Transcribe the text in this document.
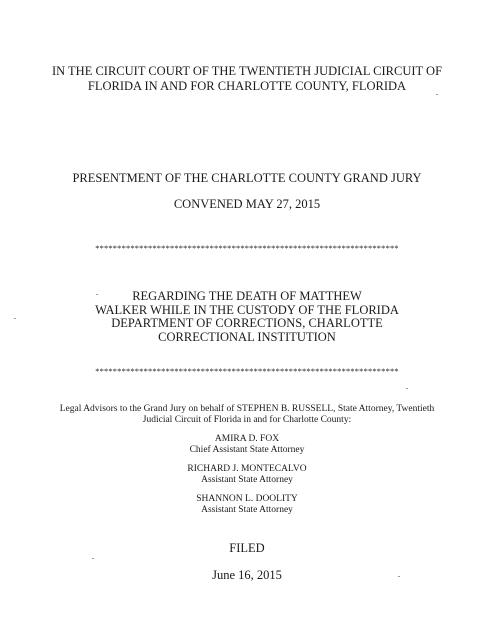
IN THE CIRCUIT COURT OF THE TWENTIETH JUDICIAL CIRCUIT OF
FLORIDA IN AND FOR CHARLOTTE COUNTY, FLORIDA
PRESENTMENT OF THE CHARLOTTE COUNTY GRAND JURY
CONVENED MAY 27, 2015
*********************************************************************
REGARDING THE DEATH OF MATTHEW
WALKER WHILE IN THE CUSTODY OF THE FLORIDA
DEPARTMENT OF CORRECTIONS, CHARLOTTE
CORRECTIONAL INSTITUTION
*********************************************************************
Legal Advisors to the Grand Jury on behalf of STEPHEN B. RUSSELL, State Attorney, Twentieth
Judicial Circuit of Florida in and for Charlotte County:
AMIRA D. FOX
Chief Assistant State Attorney
RICHARD J. MONTECALVO
Assistant State Attorney
SHANNON L. DOOLITY
Assistant State Attorney
FILED
June 16, 2015
